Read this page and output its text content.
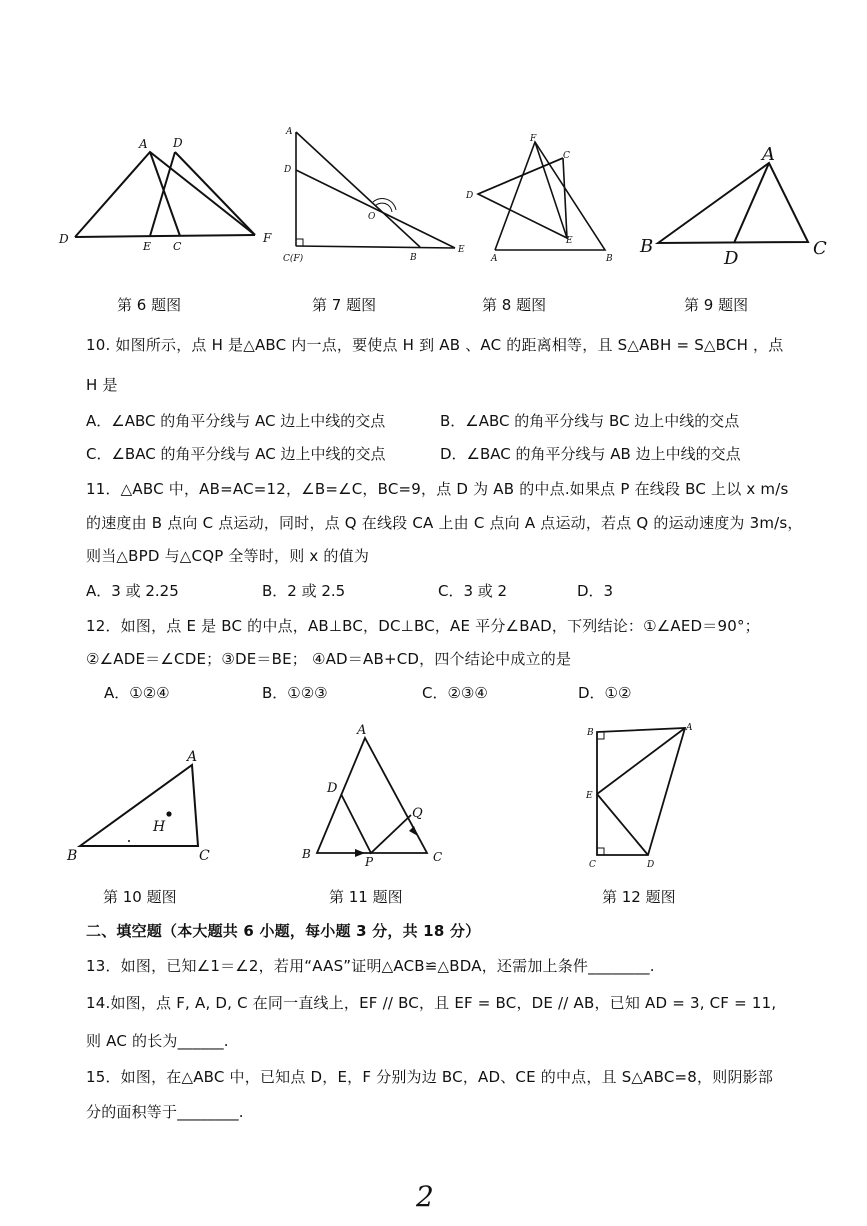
A D
D
E C
F
第 6 题图
A
D
O
C(F)	B
E
第 7 题图
F
C
D
E
A	B
第 8 题图
A
B
D	C
第 9 题图
10. 如图所示，点 H 是△ABC 内一点，要使点 H 到 AB 、AC 的距离相等，且 S△ABH = S△BCH ，点
H 是
A．∠ABC 的角平分线与 AC 边上中线的交点	B．∠ABC 的角平分线与 BC 边上中线的交点
C．∠BAC 的角平分线与 AC 边上中线的交点	D．∠BAC 的角平分线与 AB 边上中线的交点
11．△ABC 中，AB=AC=12，∠B=∠C，BC=9，点 D 为 AB 的中点.如果点 P 在线段 BC 上以 x m/s
的速度由 B 点向 C 点运动，同时，点 Q 在线段 CA 上由 C 点向 A 点运动，若点 Q 的运动速度为 3m/s，
则当△BPD 与△CQP 全等时，则 x 的值为
A．3 或 2.25	B．2 或 2.5	C．3 或 2	D．3
12．如图，点 E 是 BC 的中点，AB⊥BC，DC⊥BC，AE 平分∠BAD，下列结论：①∠AED＝90°；
②∠ADE＝∠CDE；③DE＝BE； ④AD＝AB+CD，四个结论中成立的是
A．①②④	B．①②③	C．②③④	D．①②
A
H
B	C
第 10 题图
A
D
Q
B
P	C
第 11 题图
B	A
E
C	D
第 12 题图
二、填空题（本大题共 6 小题，每小题 3 分，共 18 分）
13．如图，已知∠1＝∠2，若用“AAS”证明△ACB≌△BDA，还需加上条件________.
14.如图，点 F, A, D, C 在同一直线上，EF // BC，且 EF = BC，DE // AB，已知 AD = 3, CF = 11,
则 AC 的长为______.
15．如图，在△ABC 中，已知点 D，E，F 分别为边 BC，AD、CE 的中点，且 S△ABC=8，则阴影部
分的面积等于________.
2
